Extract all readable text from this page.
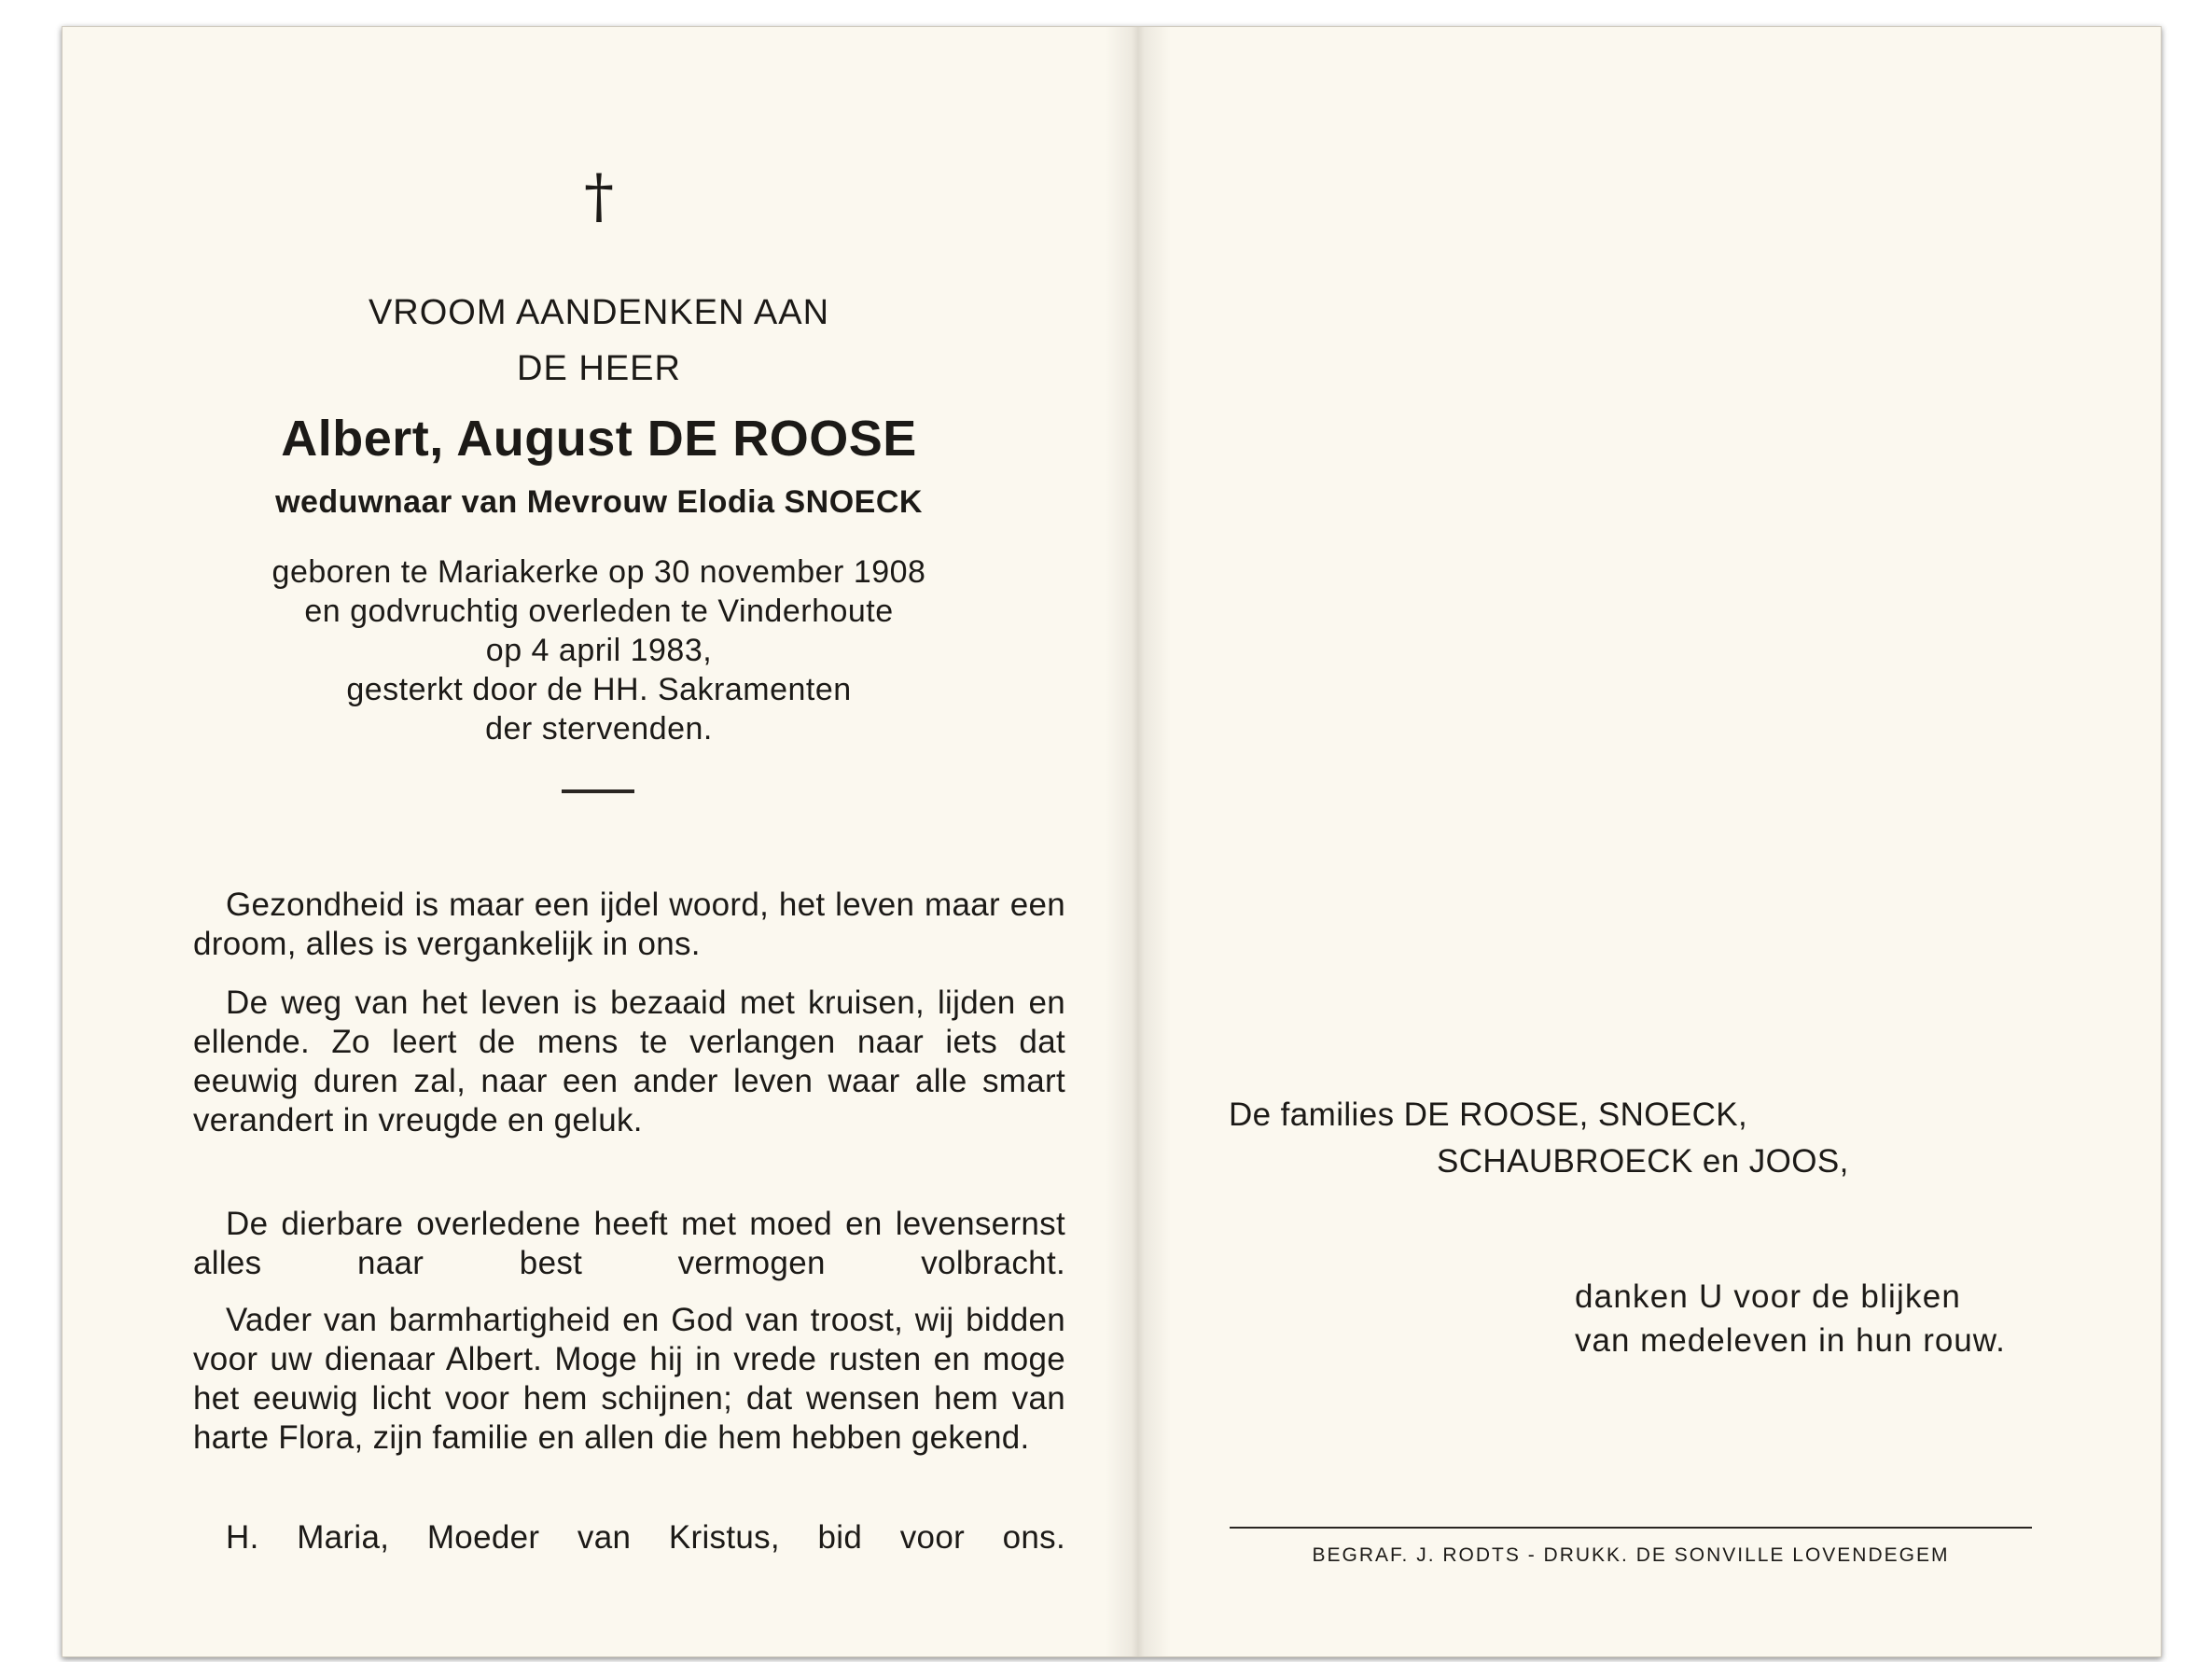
†
VROOM AANDENKEN AAN
DE HEER
Albert, August DE ROOSE
weduwnaar van Mevrouw Elodia SNOECK
geboren te Mariakerke op 30 november 1908
en godvruchtig overleden te Vinderhoute
op 4 april 1983,
gesterkt door de HH. Sakramenten
der stervenden.
Gezondheid is maar een ijdel woord, het leven maar een droom, alles is vergankelijk in ons.
De weg van het leven is bezaaid met kruisen, lijden en ellende. Zo leert de mens te verlangen naar iets dat eeuwig duren zal, naar een ander leven waar alle smart verandert in vreugde en geluk.
De dierbare overledene heeft met moed en levensernst alles naar best vermogen volbracht.
Vader van barmhartigheid en God van troost, wij bidden voor uw dienaar Albert. Moge hij in vrede rusten en moge het eeuwig licht voor hem schijnen; dat wensen hem van harte Flora, zijn familie en allen die hem hebben gekend.
H. Maria, Moeder van Kristus, bid voor ons.
De families DE ROOSE, SNOECK,
SCHAUBROECK en JOOS,
danken U voor de blijken
van medeleven in hun rouw.
BEGRAF. J. RODTS - DRUKK. DE SONVILLE LOVENDEGEM
